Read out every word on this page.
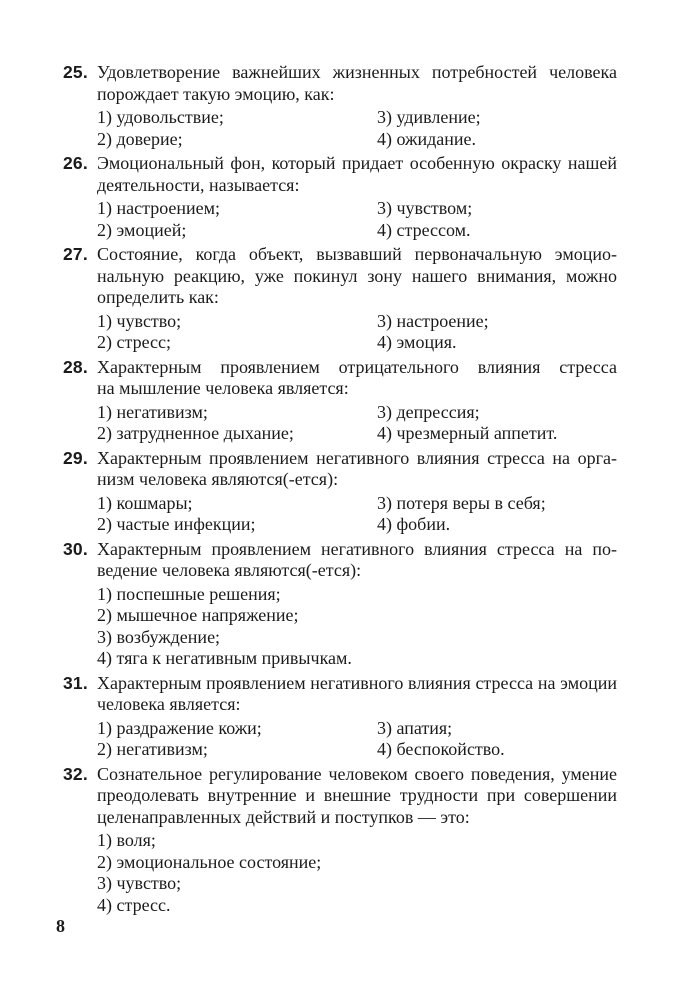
25. Удовлетворение важнейших жизненных потребностей человека
порождает такую эмоцию, как:
1) удовольствие;
2) доверие;
3) удивление;
4) ожидание.
26. Эмоциональный фон, который придает особенную окраску нашей
деятельности, называется:
1) настроением;
2) эмоцией;
3) чувством;
4) стрессом.
27. Состояние, когда объект, вызвавший первоначальную эмоцио-
нальную реакцию, уже покинул зону нашего внимания, можно
определить как:
1) чувство;
2) стресс;
3) настроение;
4) эмоция.
28. Характерным проявлением отрицательного влияния стресса
на мышление человека является:
1) негативизм;
2) затрудненное дыхание;
3) депрессия;
4) чрезмерный аппетит.
29. Характерным проявлением негативного влияния стресса на орга-
низм человека являются(-ется):
1) кошмары;
2) частые инфекции;
3) потеря веры в себя;
4) фобии.
30. Характерным проявлением негативного влияния стресса на по-
ведение человека являются(-ется):
1) поспешные решения;
2) мышечное напряжение;
3) возбуждение;
4) тяга к негативным привычкам.
31. Характерным проявлением негативного влияния стресса на эмоции
человека является:
1) раздражение кожи;
2) негативизм;
3) апатия;
4) беспокойство.
32. Сознательное регулирование человеком своего поведения, умение
преодолевать внутренние и внешние трудности при совершении
целенаправленных действий и поступков — это:
1) воля;
2) эмоциональное состояние;
3) чувство;
4) стресс.
8
